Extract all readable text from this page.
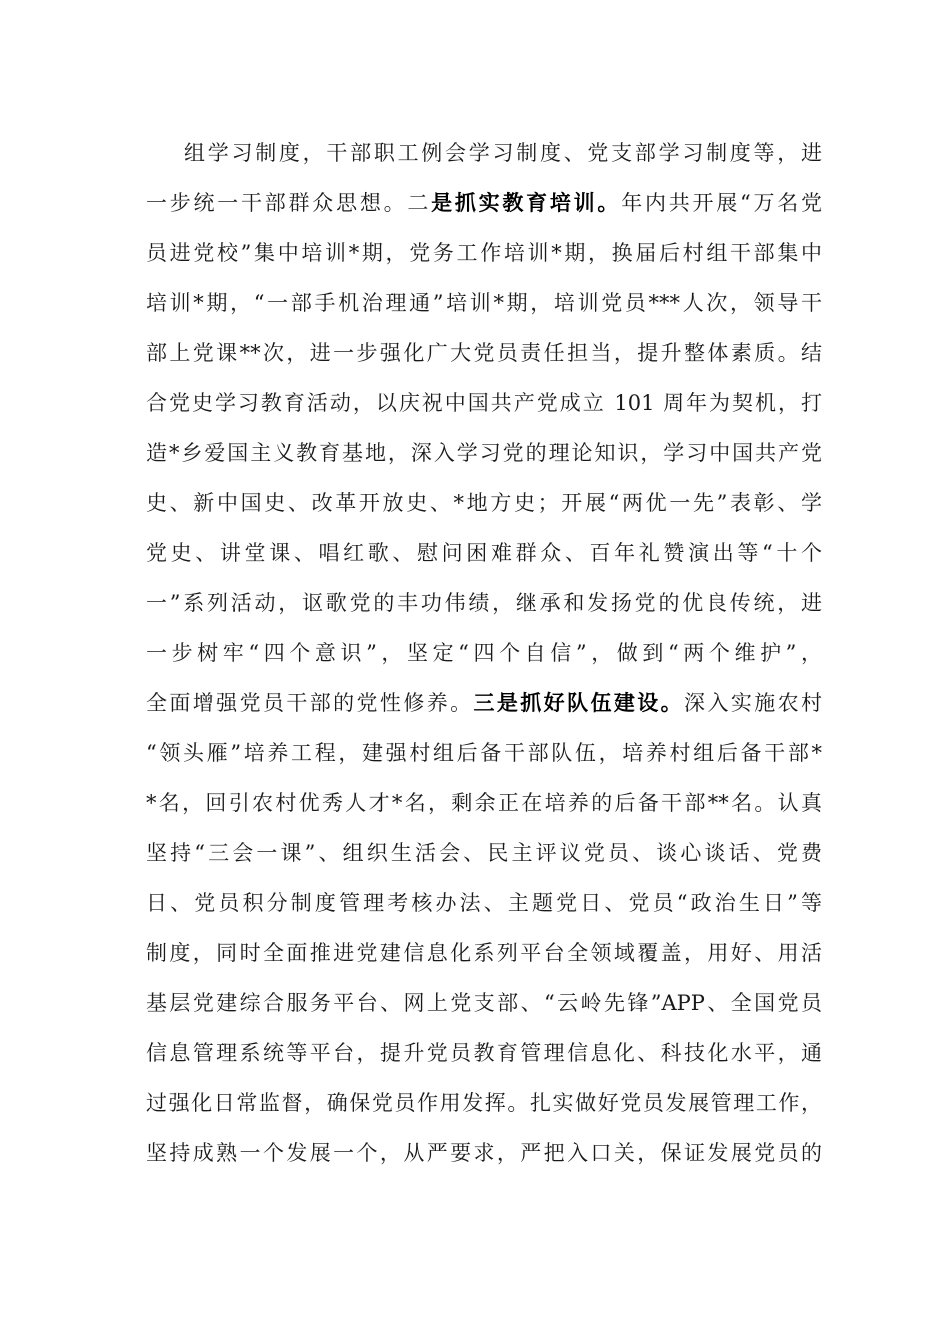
组学习制度，干部职工例会学习制度、党支部学习制度等，进
一步统一干部群众思想。二是抓实教育培训。年内共开展“万名党
员进党校”集中培训*期，党务工作培训*期，换届后村组干部集中
培训*期，“一部手机治理通”培训*期，培训党员***人次，领导干
部上党课**次，进一步强化广大党员责任担当，提升整体素质。结
合党史学习教育活动，以庆祝中国共产党成立 101 周年为契机，打
造*乡爱国主义教育基地，深入学习党的理论知识，学习中国共产党
史、新中国史、改革开放史、*地方史；开展“两优一先”表彰、学
党史、讲堂课、唱红歌、慰问困难群众、百年礼赞演出等“十个
一”系列活动，讴歌党的丰功伟绩，继承和发扬党的优良传统，进
一步树牢“四个意识”，坚定“四个自信”，做到“两个维护”，
全面增强党员干部的党性修养。三是抓好队伍建设。深入实施农村
“领头雁”培养工程，建强村组后备干部队伍，培养村组后备干部*
*名，回引农村优秀人才*名，剩余正在培养的后备干部**名。认真
坚持“三会一课”、组织生活会、民主评议党员、谈心谈话、党费
日、党员积分制度管理考核办法、主题党日、党员“政治生日”等
制度，同时全面推进党建信息化系列平台全领域覆盖，用好、用活
基层党建综合服务平台、网上党支部、“云岭先锋”APP、全国党员
信息管理系统等平台，提升党员教育管理信息化、科技化水平，通
过强化日常监督，确保党员作用发挥。扎实做好党员发展管理工作，
坚持成熟一个发展一个，从严要求，严把入口关，保证发展党员的
